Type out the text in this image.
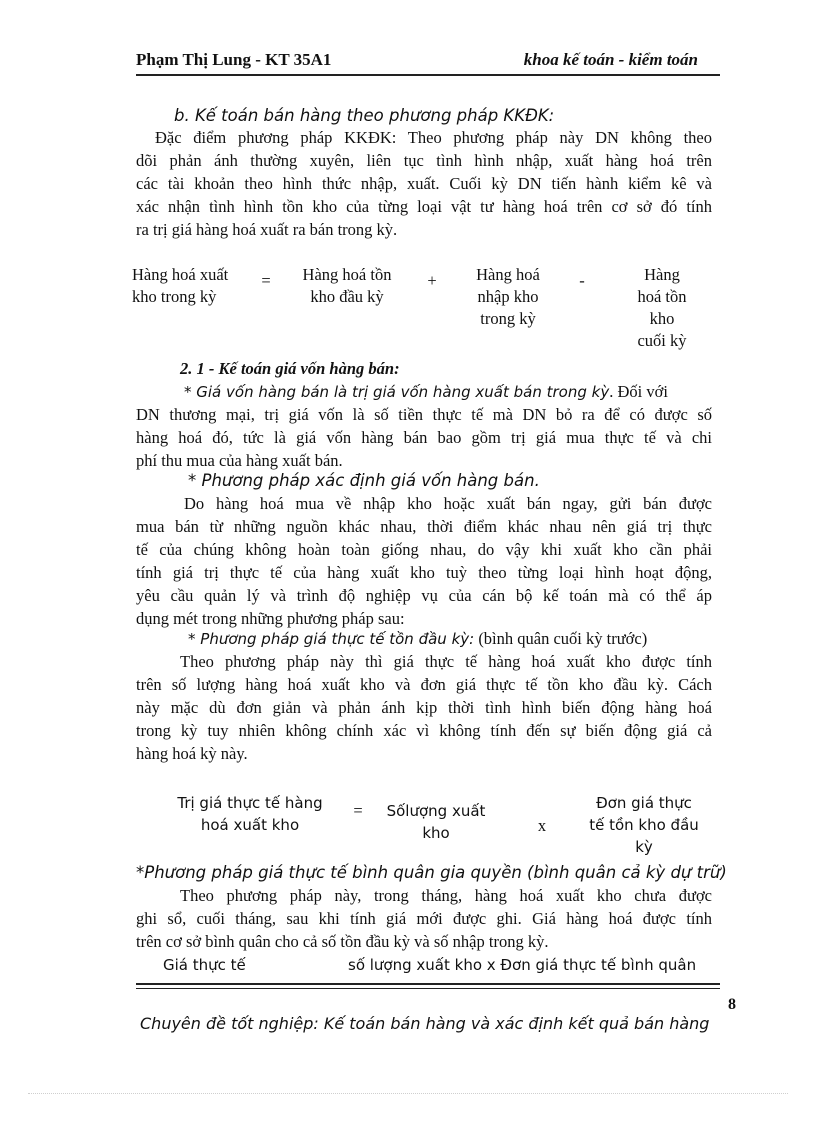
Phạm Thị Lung - KT 35A1	khoa kế toán - kiểm toán

b. Kế toán bán hàng theo phương pháp KKĐK:

Đặc điểm phương pháp KKĐK: Theo phương pháp này DN không theo

dõi phản ánh thường xuyên, liên tục tình hình nhập, xuất hàng hoá trên

các tài khoản theo hình thức nhập, xuất. Cuối kỳ DN tiến hành kiểm kê và

xác nhận tình hình tồn kho của từng loại vật tư hàng hoá trên cơ sở đó tính

ra trị giá hàng hoá xuất ra bán trong kỳ.

Hàng hoá xuất
kho trong kỳ
=	Hàng hoá tồn
kho đầu kỳ
+	Hàng hoá
nhập kho
trong kỳ
-	Hàng
hoá tồn
kho
cuối kỳ

2. 1 - Kế toán giá vốn hàng bán:

* Giá vốn hàng bán là trị giá vốn hàng xuất bán trong kỳ. Đối với

DN thương mại, trị giá vốn là số tiền thực tế mà DN bỏ ra để có được số

hàng hoá đó, tức là giá vốn hàng bán bao gồm trị giá mua thực tế và chi

phí thu mua của hàng xuất bán.

* Phương pháp xác định giá vốn hàng bán.

Do hàng hoá mua về nhập kho hoặc xuất bán ngay, gửi bán được

mua bán từ những nguồn khác nhau, thời điểm khác nhau nên giá trị thực

tế của chúng không hoàn toàn giống nhau, do vậy khi xuất kho cần phải

tính giá trị thực tế của hàng xuất kho tuỳ theo từng loại hình hoạt động,

yêu cầu quản lý và trình độ nghiệp vụ của cán bộ kế toán mà có thể áp

dụng mét trong những phương pháp sau:

* Phương pháp giá thực tế tồn đầu kỳ: (bình quân cuối kỳ trước)

Theo phương pháp này thì giá thực tế hàng hoá xuất kho được tính

trên số lượng hàng hoá xuất kho và đơn giá thực tế tồn kho đầu kỳ. Cách

này mặc dù đơn giản và phản ánh kịp thời tình hình biến động hàng hoá

trong kỳ tuy nhiên không chính xác vì không tính đến sự biến động giá cả

hàng hoá kỳ này.

Trị giá thực tế hàng
hoá xuất kho
=	Sốlượng xuất
kho	x
Đơn giá thực
tế tồn kho đầu
kỳ

*Phương pháp giá thực tế bình quân gia quyền (bình quân cả kỳ dự trữ)

Theo phương pháp này, trong tháng, hàng hoá xuất kho chưa được

ghi sổ, cuối tháng, sau khi tính giá mới được ghi. Giá hàng hoá được tính

trên cơ sở bình quân cho cả số tồn đầu kỳ và số nhập trong kỳ.

Giá thực tế	số lượng xuất kho x Đơn giá thực tế bình quân

8
Chuyên đề tốt nghiệp: Kế toán bán hàng và xác định kết quả bán hàng
